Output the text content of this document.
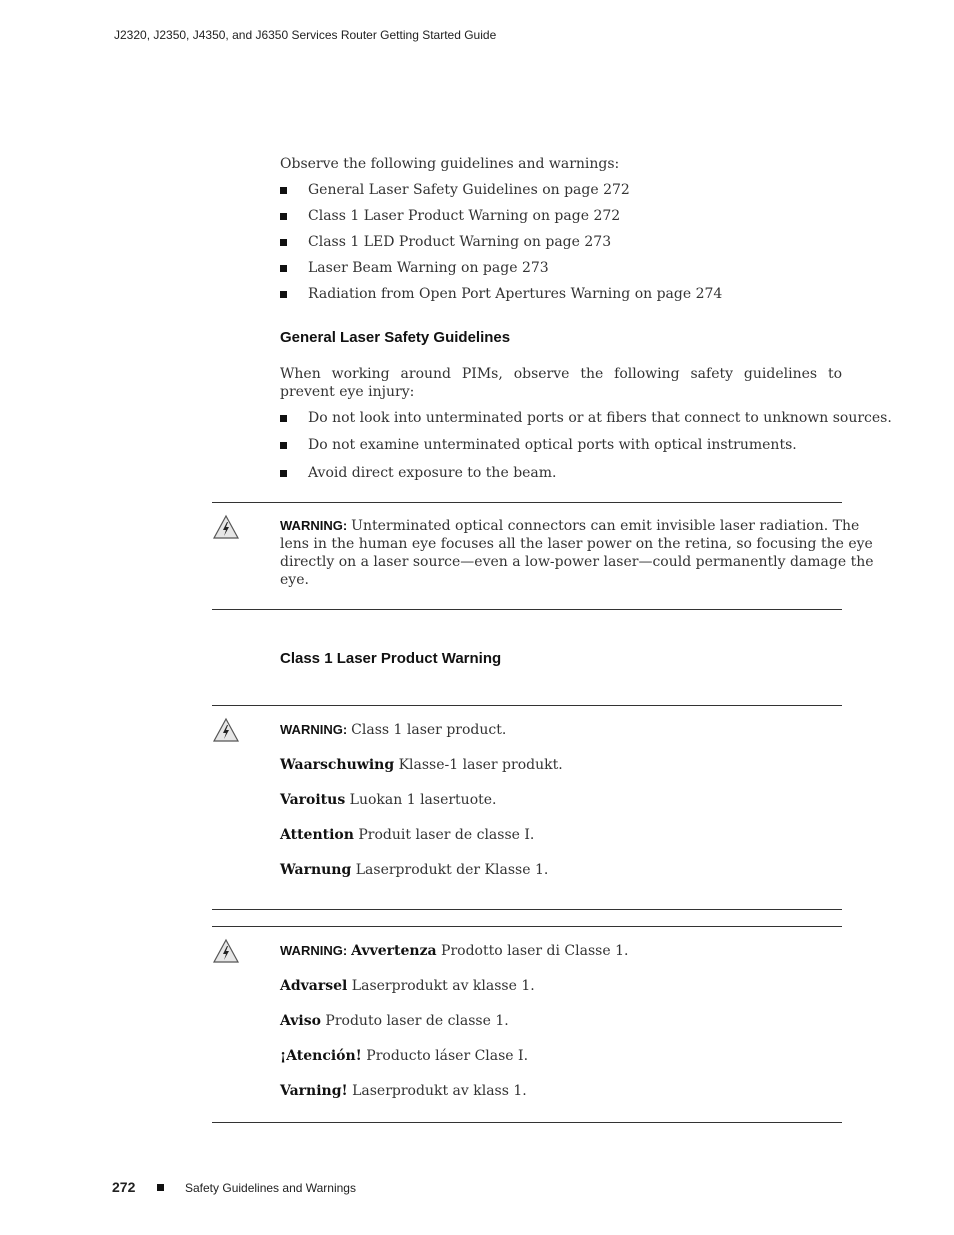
J2320, J2350, J4350, and J6350 Services Router Getting Started Guide
Observe the following guidelines and warnings:
General Laser Safety Guidelines on page 272
Class 1 Laser Product Warning on page 272
Class 1 LED Product Warning on page 273
Laser Beam Warning on page 273
Radiation from Open Port Apertures Warning on page 274
General Laser Safety Guidelines
When working around PIMs, observe the following safety guidelines to prevent eye injury:
Do not look into unterminated ports or at fibers that connect to unknown sources.
Do not examine unterminated optical ports with optical instruments.
Avoid direct exposure to the beam.
WARNING: Unterminated optical connectors can emit invisible laser radiation. The
lens in the human eye focuses all the laser power on the retina, so focusing the eye
directly on a laser source—even a low-power laser—could permanently damage the
eye.
Class 1 Laser Product Warning
WARNING: Class 1 laser product.
Waarschuwing Klasse-1 laser produkt.
Varoitus Luokan 1 lasertuote.
Attention Produit laser de classe I.
Warnung Laserprodukt der Klasse 1.
WARNING: Avvertenza Prodotto laser di Classe 1.
Advarsel Laserprodukt av klasse 1.
Aviso Produto laser de classe 1.
¡Atención! Producto láser Clase I.
Varning! Laserprodukt av klass 1.
272	Safety Guidelines and Warnings
